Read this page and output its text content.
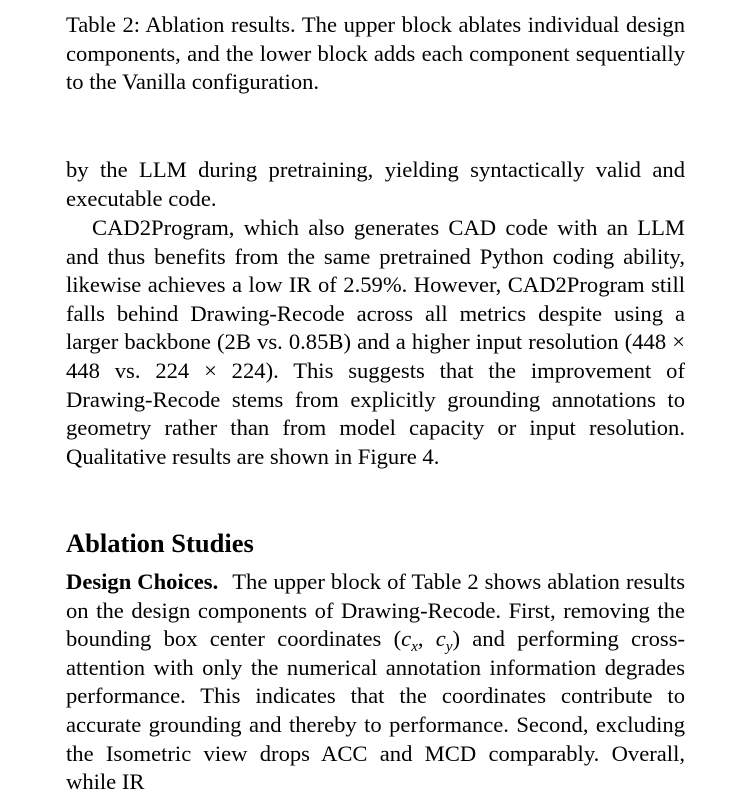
Table 2: Ablation results. The upper block ablates individual design components, and the lower block adds each component sequentially to the Vanilla configuration.

by the LLM during pretraining, yielding syntactically valid and executable code.

CAD2Program, which also generates CAD code with an LLM and thus benefits from the same pretrained Python coding ability, likewise achieves a low IR of 2.59%. However, CAD2Program still falls behind Drawing-Recode across all metrics despite using a larger backbone (2B vs. 0.85B) and a higher input resolution (448 × 448 vs. 224 × 224). This suggests that the improvement of Drawing-Recode stems from explicitly grounding annotations to geometry rather than from model capacity or input resolution. Qualitative results are shown in Figure 4.

Ablation Studies

Design Choices. The upper block of Table 2 shows ablation results on the design components of Drawing-Recode. First, removing the bounding box center coordinates ($c_x$, $c_y$) and performing cross-attention with only the numerical annotation information degrades performance. This indicates that the coordinates contribute to accurate grounding and thereby to performance. Second, excluding the Isometric view drops ACC and MCD comparably. Overall, while IR
